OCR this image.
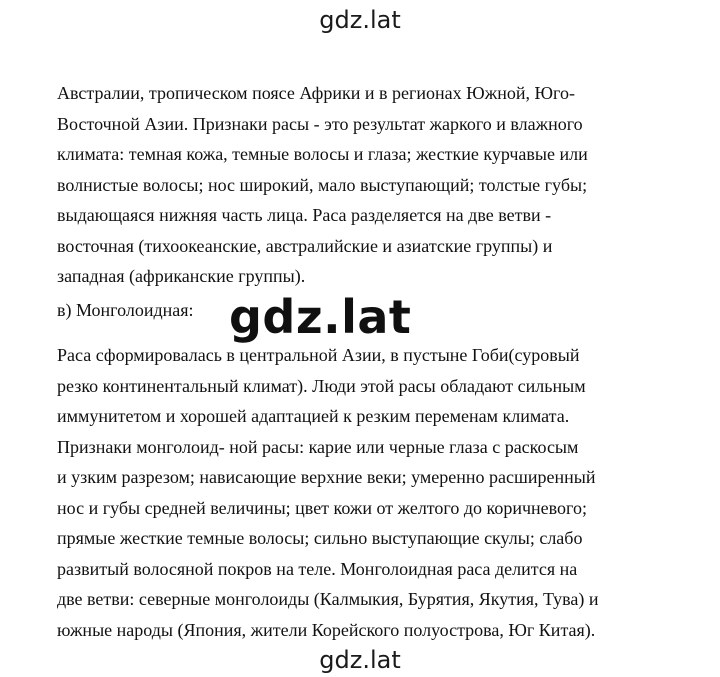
gdz.lat
Австралии, тропическом поясе Африки и в регионах Южной, Юго-
Восточной Азии. Признаки расы - это результат жаркого и влажного
климата: темная кожа, темные волосы и глаза; жесткие курчавые или
волнистые волосы; нос широкий, мало выступающий; толстые губы;
выдающаяся нижняя часть лица. Раса разделяется на две ветви -
восточная (тихоокеанские, австралийские и азиатские группы) и
западная (африканские группы).
в) Монголоидная: gdz.lat
Раса сформировалась в центральной Азии, в пустыне Гоби(суровый
резко континентальный климат). Люди этой расы обладают сильным
иммунитетом и хорошей адаптацией к резким переменам климата.
Признаки монголоид- ной расы: карие или черные глаза с раскосым
и узким разрезом; нависающие верхние веки; умеренно расширенный
нос и губы средней величины; цвет кожи от желтого до коричневого;
прямые жесткие темные волосы; сильно выступающие скулы; слабо
развитый волосяной покров на теле. Монголоидная раса делится на
две ветви: северные монголоиды (Калмыкия, Бурятия, Якутия, Тува) и
южные народы (Япония, жители Корейского полуострова, Юг Китая).
gdz.lat
